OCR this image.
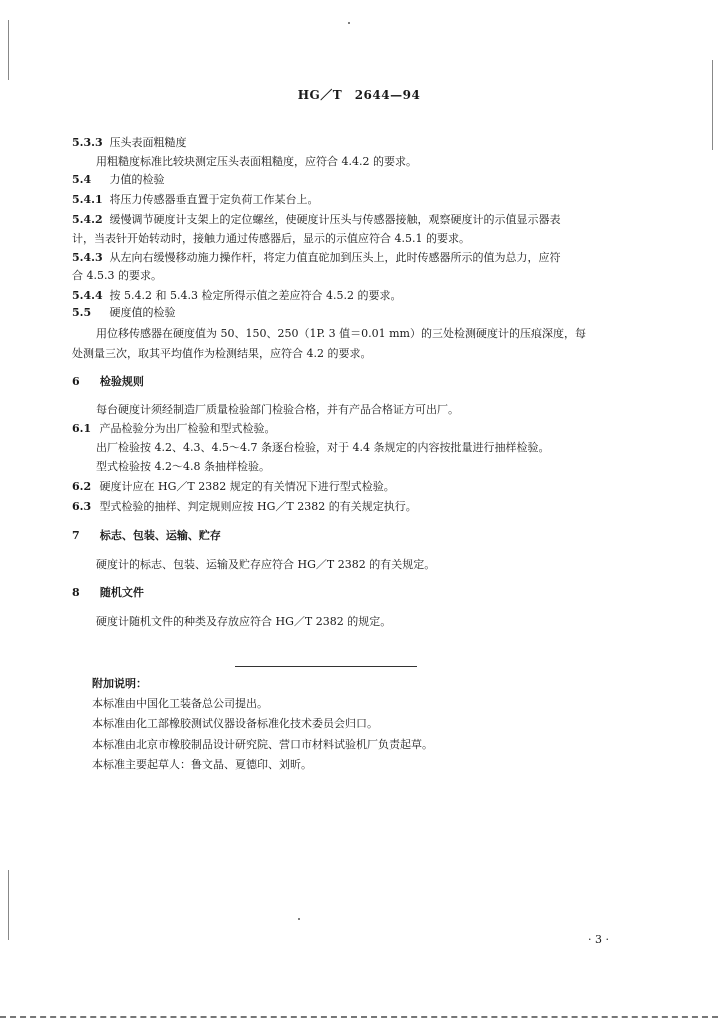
HG／T　2644—94
5.3.3 压头表面粗糙度
用粗糙度标准比较块测定压头表面粗糙度，应符合 4.4.2 的要求。
5.4 力值的检验
5.4.1 将压力传感器垂直置于定负荷工作某台上。
5.4.2 缓慢调节硬度计支架上的定位螺丝，使硬度计压头与传感器接触，观察硬度计的示值显示器表
计，当表针开始转动时，接触力通过传感器后，显示的示值应符合 4.5.1 的要求。
5.4.3 从左向右缓慢移动施力操作杆，将定力值直砣加到压头上，此时传感器所示的值为总力，应符
合 4.5.3 的要求。
5.4.4 按 5.4.2 和 5.4.3 检定所得示值之差应符合 4.5.2 的要求。
5.5 硬度值的检验
用位移传感器在硬度值为 50、150、250（1P. 3 值＝0.01 mm）的三处检测硬度计的压痕深度，每
处测量三次，取其平均值作为检测结果，应符合 4.2 的要求。
6 检验规则
每台硬度计须经制造厂质量检验部门检验合格，并有产品合格证方可出厂。
6.1 产品检验分为出厂检验和型式检验。
出厂检验按 4.2、4.3、4.5～4.7 条逐台检验，对于 4.4 条规定的内容按批量进行抽样检验。
型式检验按 4.2～4.8 条抽样检验。
6.2 硬度计应在 HG／T 2382 规定的有关情况下进行型式检验。
6.3 型式检验的抽样、判定规则应按 HG／T 2382 的有关规定执行。
7 标志、包装、运输、贮存
硬度计的标志、包装、运输及贮存应符合 HG／T 2382 的有关规定。
8 随机文件
硬度计随机文件的种类及存放应符合 HG／T 2382 的规定。
附加说明：
本标准由中国化工装备总公司提出。
本标准由化工部橡胶测试仪器设备标准化技术委员会归口。
本标准由北京市橡胶制品设计研究院、营口市材料试验机厂负责起草。
本标准主要起草人：鲁文晶、夏德印、刘昕。
· 3 ·
